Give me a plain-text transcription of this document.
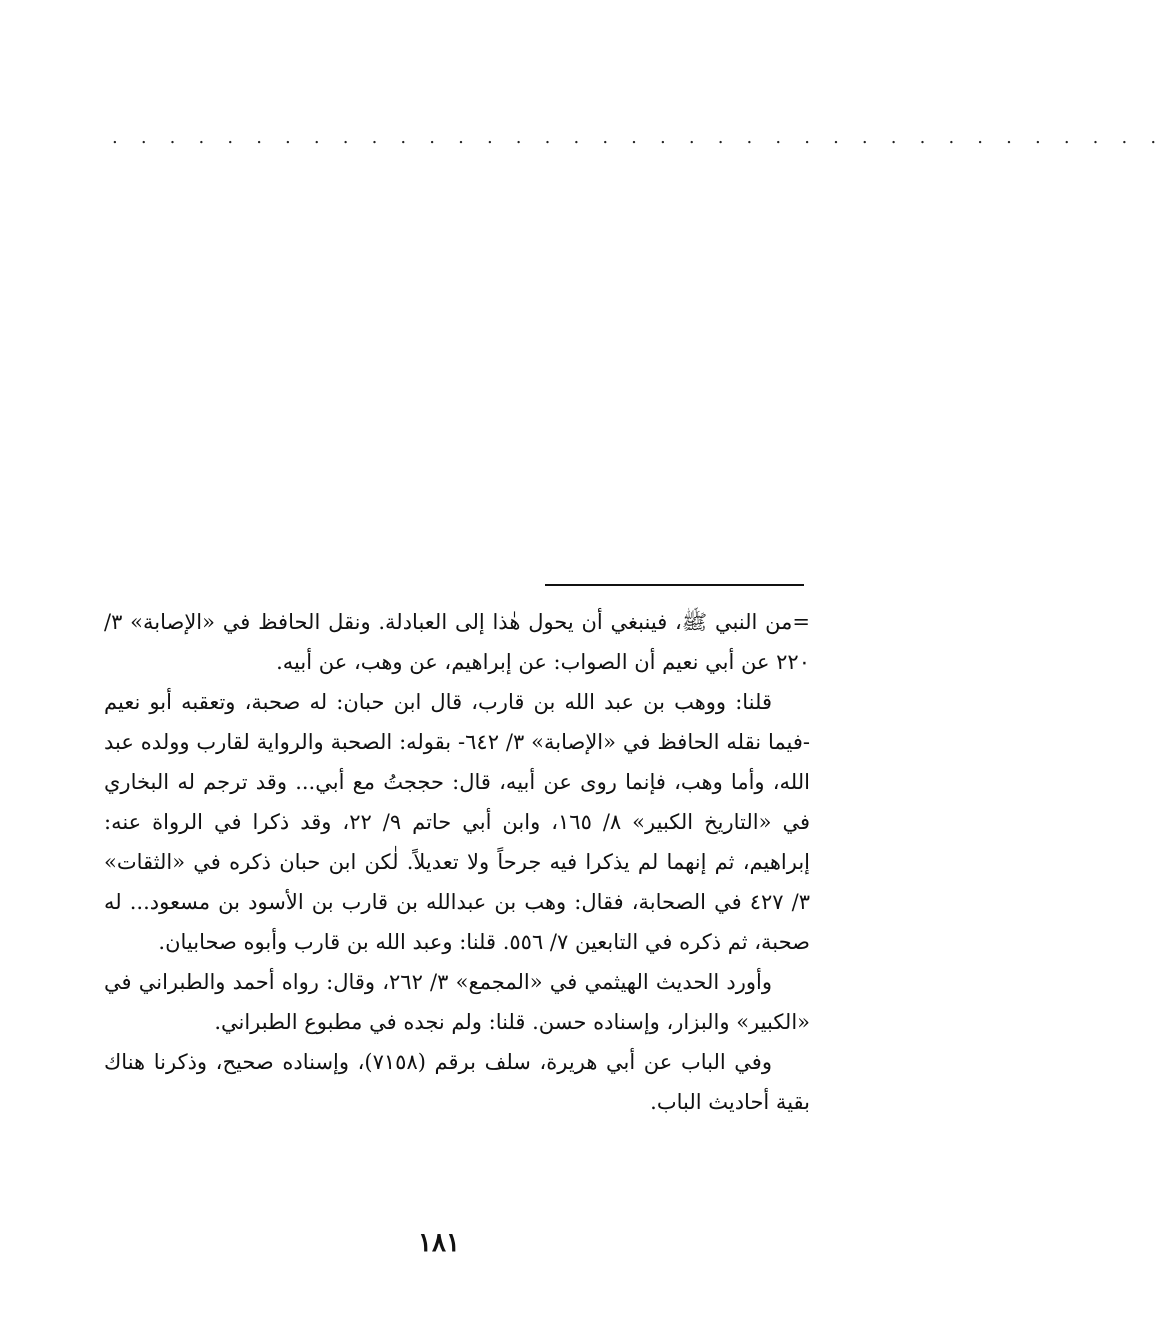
. . . . . . . . . . . . . . . . . . . . . . . . . . . . . . . . . . . . .

=من النبي ﷺ، فينبغي أن يحول هٰذا إلى العبادلة. ونقل الحافظ في «الإصابة» ٣/ ٢٢٠ عن أبي نعيم أن الصواب: عن إبراهيم، عن وهب، عن أبيه.

قلنا: ووهب بن عبد الله بن قارب، قال ابن حبان: له صحبة، وتعقبه أبو نعيم -فيما نقله الحافظ في «الإصابة» ٣/ ٦٤٢- بقوله: الصحبة والرواية لقارب وولده عبد الله، وأما وهب، فإنما روى عن أبيه، قال: حججتُ مع أبي... وقد ترجم له البخاري في «التاريخ الكبير» ٨/ ١٦٥، وابن أبي حاتم ٩/ ٢٢، وقد ذكرا في الرواة عنه: إبراهيم، ثم إنهما لم يذكرا فيه جرحاً ولا تعديلاً. لٰكن ابن حبان ذكره في «الثقات» ٣/ ٤٢٧ في الصحابة، فقال: وهب بن عبدالله بن قارب بن الأسود بن مسعود... له صحبة، ثم ذكره في التابعين ٧/ ٥٥٦. قلنا: وعبد الله بن قارب وأبوه صحابيان.

وأورد الحديث الهيثمي في «المجمع» ٣/ ٢٦٢، وقال: رواه أحمد والطبراني في «الكبير» والبزار، وإسناده حسن. قلنا: ولم نجده في مطبوع الطبراني.

وفي الباب عن أبي هريرة، سلف برقم (٧١٥٨)، وإسناده صحيح، وذكرنا هناك بقية أحاديث الباب.

١٨١
